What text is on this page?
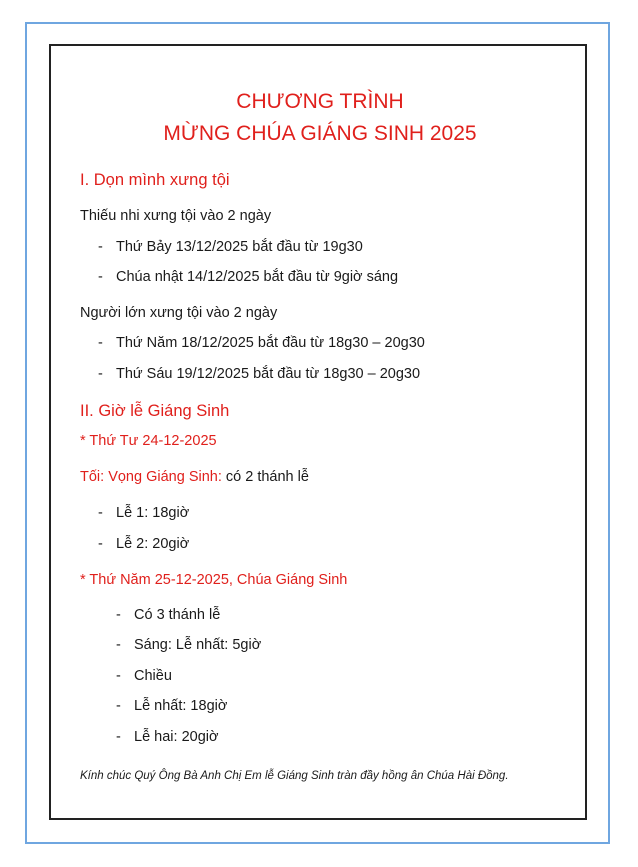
CHƯƠNG TRÌNH
MỪNG CHÚA GIÁNG SINH 2025
I. Dọn mình xưng tội
Thiếu nhi xưng tội vào 2 ngày
- Thứ Bảy 13/12/2025 bắt đầu từ 19g30
- Chúa nhật 14/12/2025 bắt đầu từ 9giờ sáng
Người lớn xưng tội vào 2 ngày
- Thứ Năm 18/12/2025 bắt đầu từ 18g30 – 20g30
- Thứ Sáu 19/12/2025 bắt đầu từ 18g30 – 20g30
II. Giờ lễ Giáng Sinh
* Thứ Tư 24-12-2025
Tối: Vọng Giáng Sinh: có 2 thánh lễ
- Lễ 1: 18giờ
- Lễ 2: 20giờ
* Thứ Năm 25-12-2025, Chúa Giáng Sinh
- Có 3 thánh lễ
- Sáng: Lễ nhất: 5giờ
- Chiều
- Lễ nhất: 18giờ
- Lễ hai: 20giờ
Kính chúc Quý Ông Bà Anh Chị Em lễ Giáng Sinh tràn đầy hồng ân Chúa Hài Đồng.
